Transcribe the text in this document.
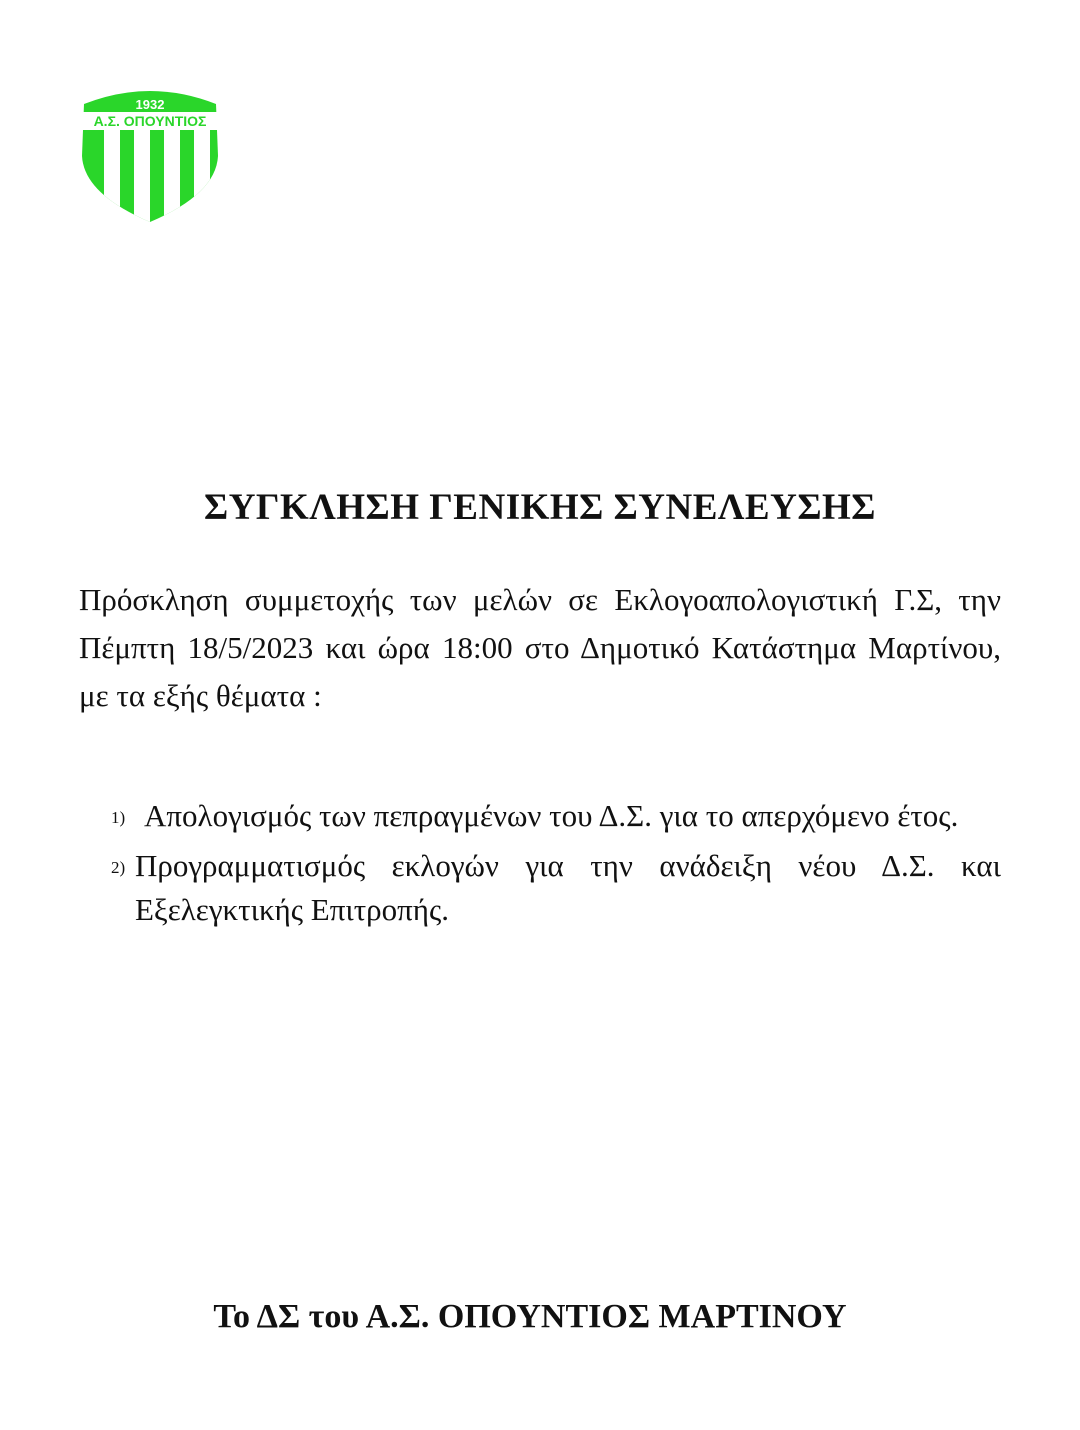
1932
Α.Σ. ΟΠΟΥΝΤΙΟΣ
ΣΥΓΚΛΗΣΗ ΓΕΝΙΚΗΣ ΣΥΝΕΛΕΥΣΗΣ

Πρόσκληση συμμετοχής των μελών σε Εκλογοαπολογιστική Γ.Σ, την Πέμπτη 18/5/2023 και ώρα 18:00 στο Δημοτικό Κατάστημα Μαρτίνου, με τα εξής θέματα :

1) Απολογισμός των πεπραγμένων του Δ.Σ. για το απερχόμενο έτος.
2) Προγραμματισμός εκλογών για την ανάδειξη νέου Δ.Σ. και Εξελεγκτικής Επιτροπής.

Το ΔΣ του Α.Σ. ΟΠΟΥΝΤΙΟΣ ΜΑΡΤΙΝΟΥ
